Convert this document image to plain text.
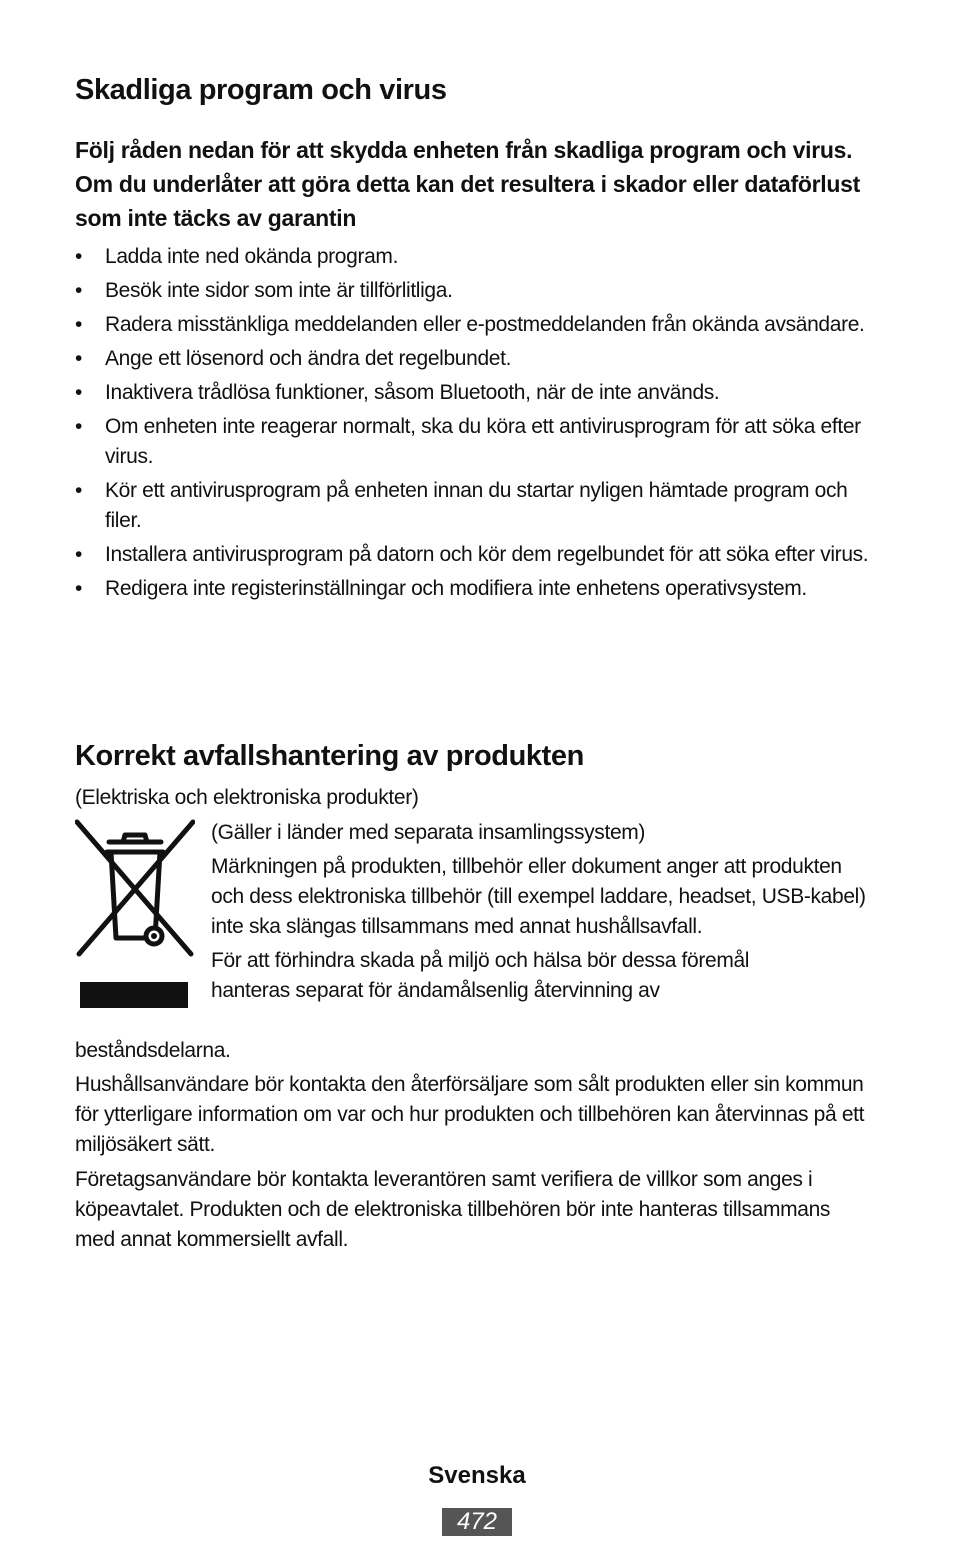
Skadliga program och virus
Följ råden nedan för att skydda enheten från skadliga program och virus. Om du underlåter att göra detta kan det resultera i skador eller dataförlust som inte täcks av garantin
• Ladda inte ned okända program.
• Besök inte sidor som inte är tillförlitliga.
• Radera misstänkliga meddelanden eller e-postmeddelanden från okända avsändare.
• Ange ett lösenord och ändra det regelbundet.
• Inaktivera trådlösa funktioner, såsom Bluetooth, när de inte används.
• Om enheten inte reagerar normalt, ska du köra ett antivirusprogram för att söka efter virus.
• Kör ett antivirusprogram på enheten innan du startar nyligen hämtade program och filer.
• Installera antivirusprogram på datorn och kör dem regelbundet för att söka efter virus.
• Redigera inte registerinställningar och modifiera inte enhetens operativsystem.
Korrekt avfallshantering av produkten
(Elektriska och elektroniska produkter)
(Gäller i länder med separata insamlingssystem)
Märkningen på produkten, tillbehör eller dokument anger att produkten och dess elektroniska tillbehör (till exempel laddare, headset, USB-kabel) inte ska slängas tillsammans med annat hushållsavfall.
För att förhindra skada på miljö och hälsa bör dessa föremål hanteras separat för ändamålsenlig återvinning av
beståndsdelarna.
Hushållsanvändare bör kontakta den återförsäljare som sålt produkten eller sin kommun för ytterligare information om var och hur produkten och tillbehören kan återvinnas på ett miljösäkert sätt.
Företagsanvändare bör kontakta leverantören samt verifiera de villkor som anges i köpeavtalet. Produkten och de elektroniska tillbehören bör inte hanteras tillsammans med annat kommersiellt avfall.
Svenska
472
